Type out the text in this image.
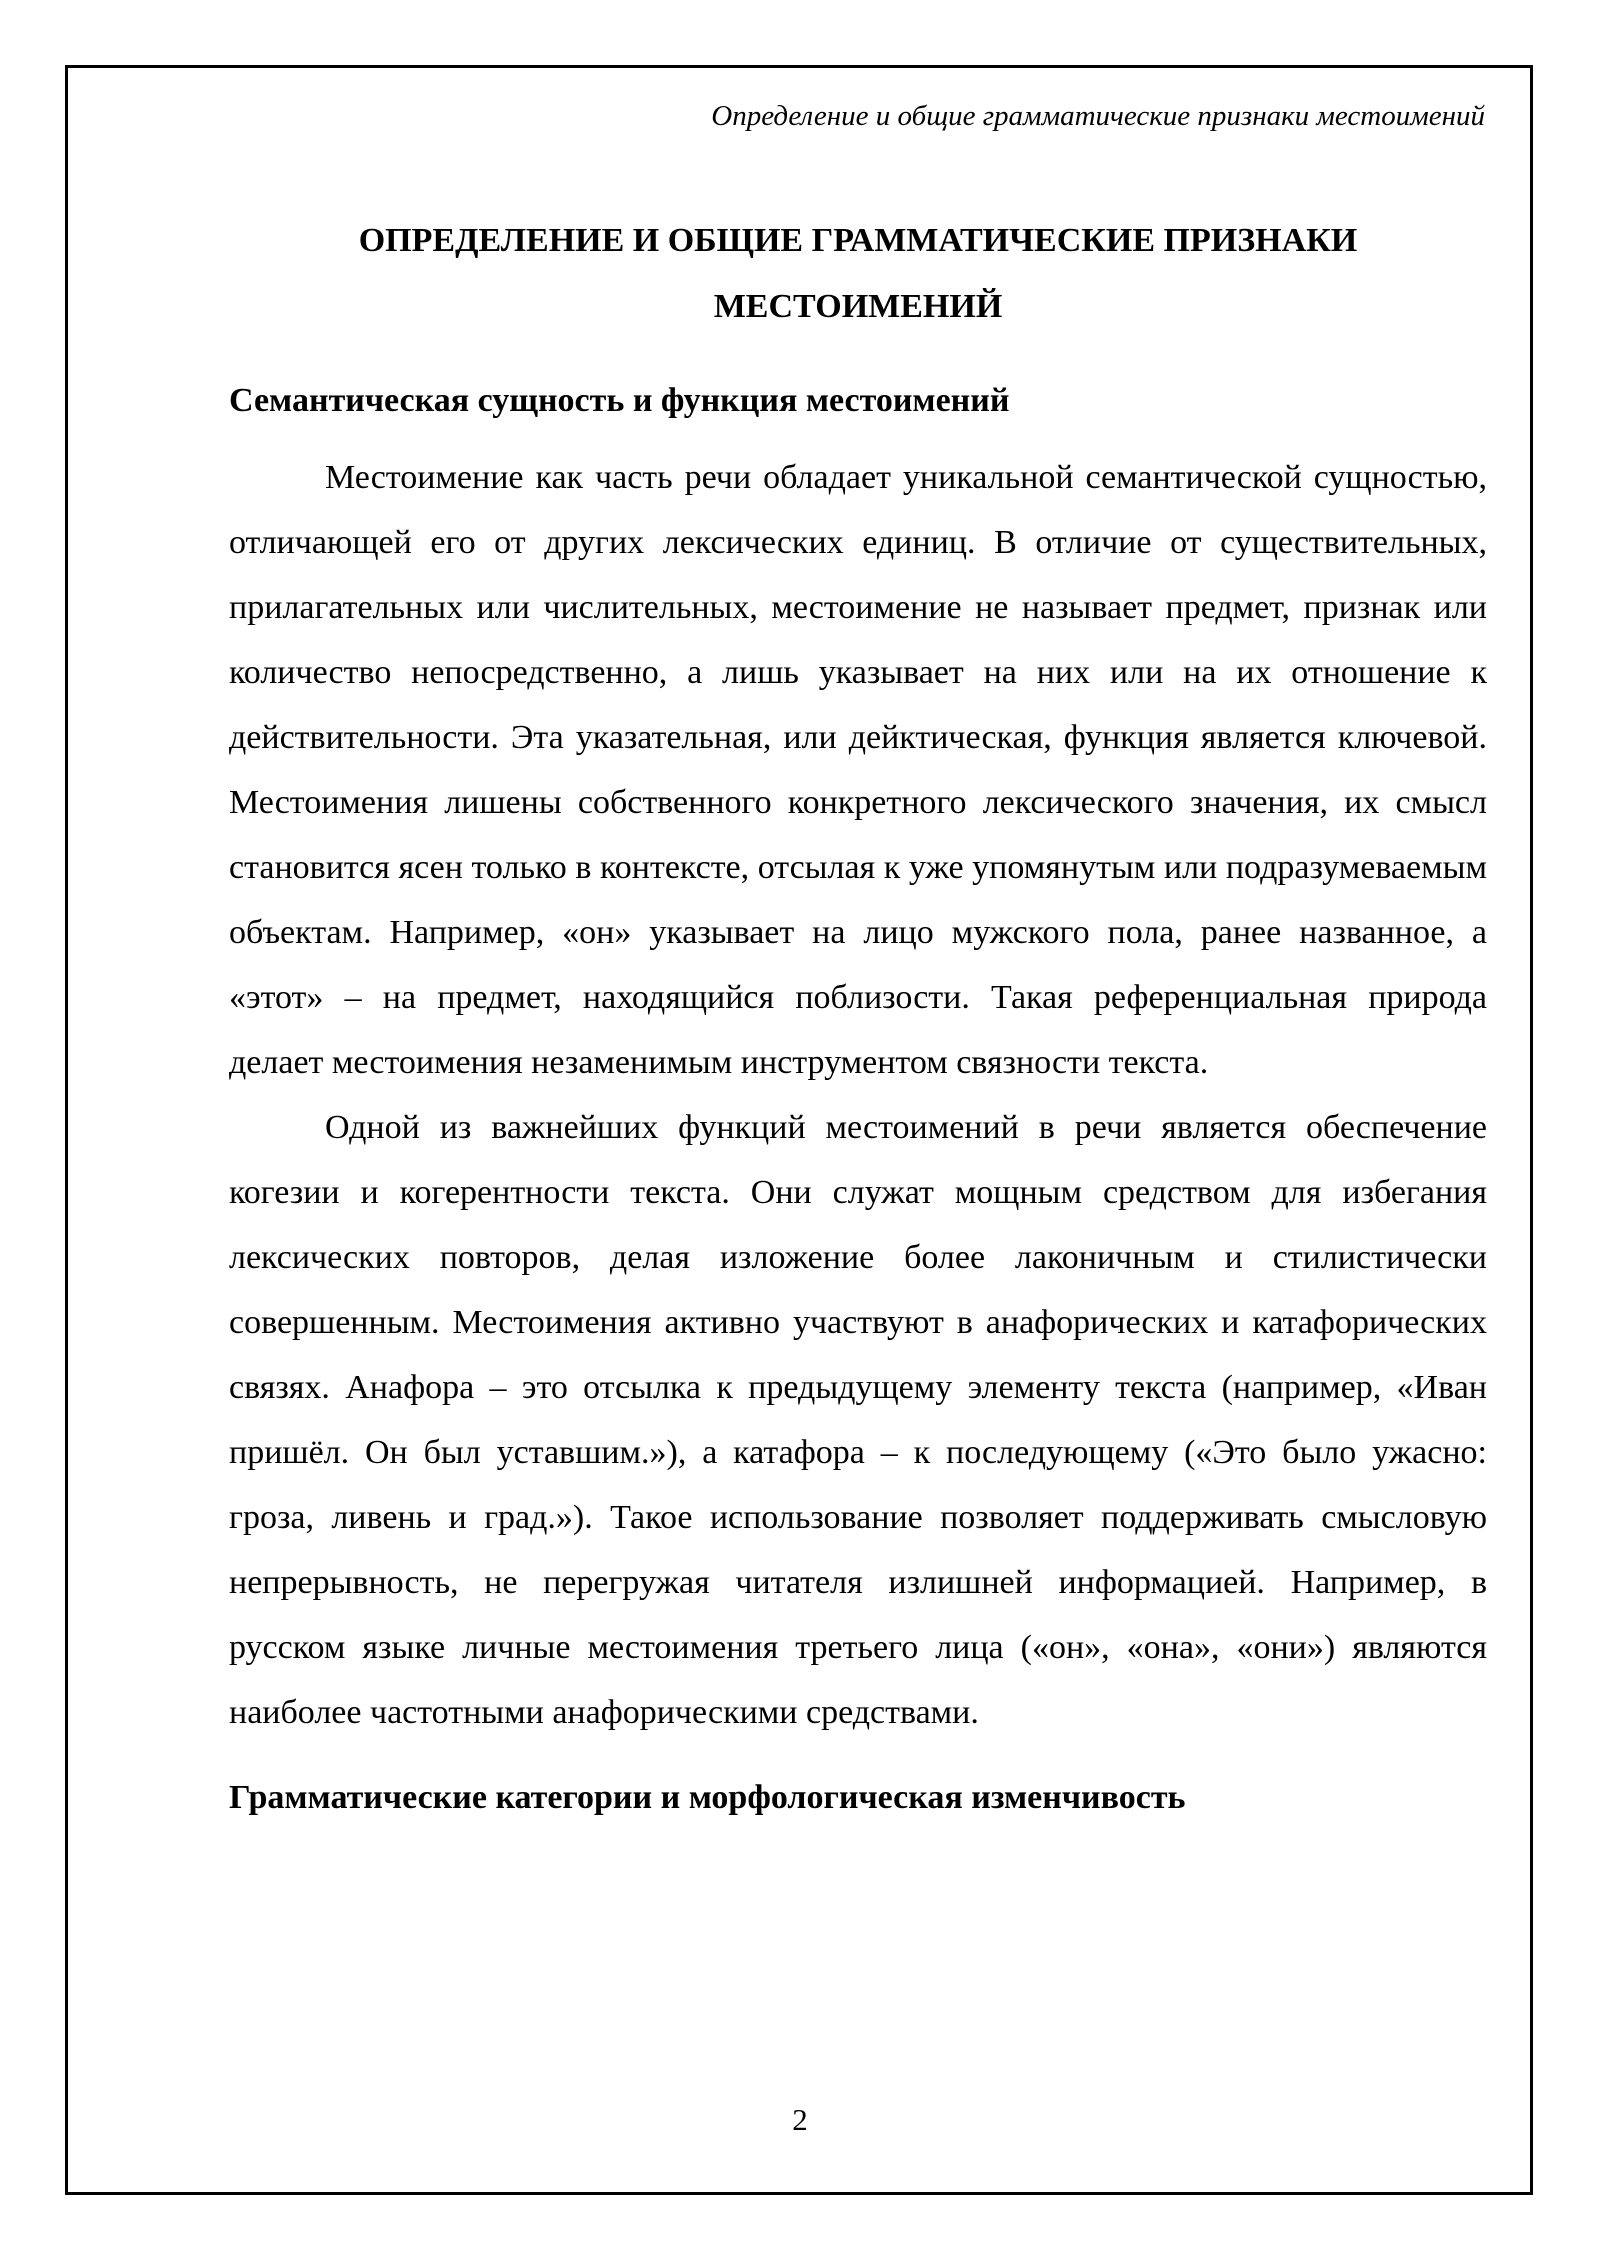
Определение и общие грамматические признаки местоимений
ОПРЕДЕЛЕНИЕ И ОБЩИЕ ГРАММАТИЧЕСКИЕ ПРИЗНАКИ
МЕСТОИМЕНИЙ
Семантическая сущность и функция местоимений

Местоимение как часть речи обладает уникальной семантической сущностью, отличающей его от других лексических единиц. В отличие от существительных, прилагательных или числительных, местоимение не называет предмет, признак или количество непосредственно, а лишь указывает на них или на их отношение к действительности. Эта указательная, или дейктическая, функция является ключевой. Местоимения лишены собственного конкретного лексического значения, их смысл становится ясен только в контексте, отсылая к уже упомянутым или подразумеваемым объектам. Например, «он» указывает на лицо мужского пола, ранее названное, а «этот» – на предмет, находящийся поблизости. Такая референциальная природа делает местоимения незаменимым инструментом связности текста.

Одной из важнейших функций местоимений в речи является обеспечение когезии и когерентности текста. Они служат мощным средством для избегания лексических повторов, делая изложение более лаконичным и стилистически совершенным. Местоимения активно участвуют в анафорических и катафорических связях. Анафора – это отсылка к предыдущему элементу текста (например, «Иван пришёл. Он был уставшим.»), а катафора – к последующему («Это было ужасно: гроза, ливень и град.»). Такое использование позволяет поддерживать смысловую непрерывность, не перегружая читателя излишней информацией. Например, в русском языке личные местоимения третьего лица («он», «она», «они») являются наиболее частотными анафорическими средствами.

Грамматические категории и морфологическая изменчивость
2
